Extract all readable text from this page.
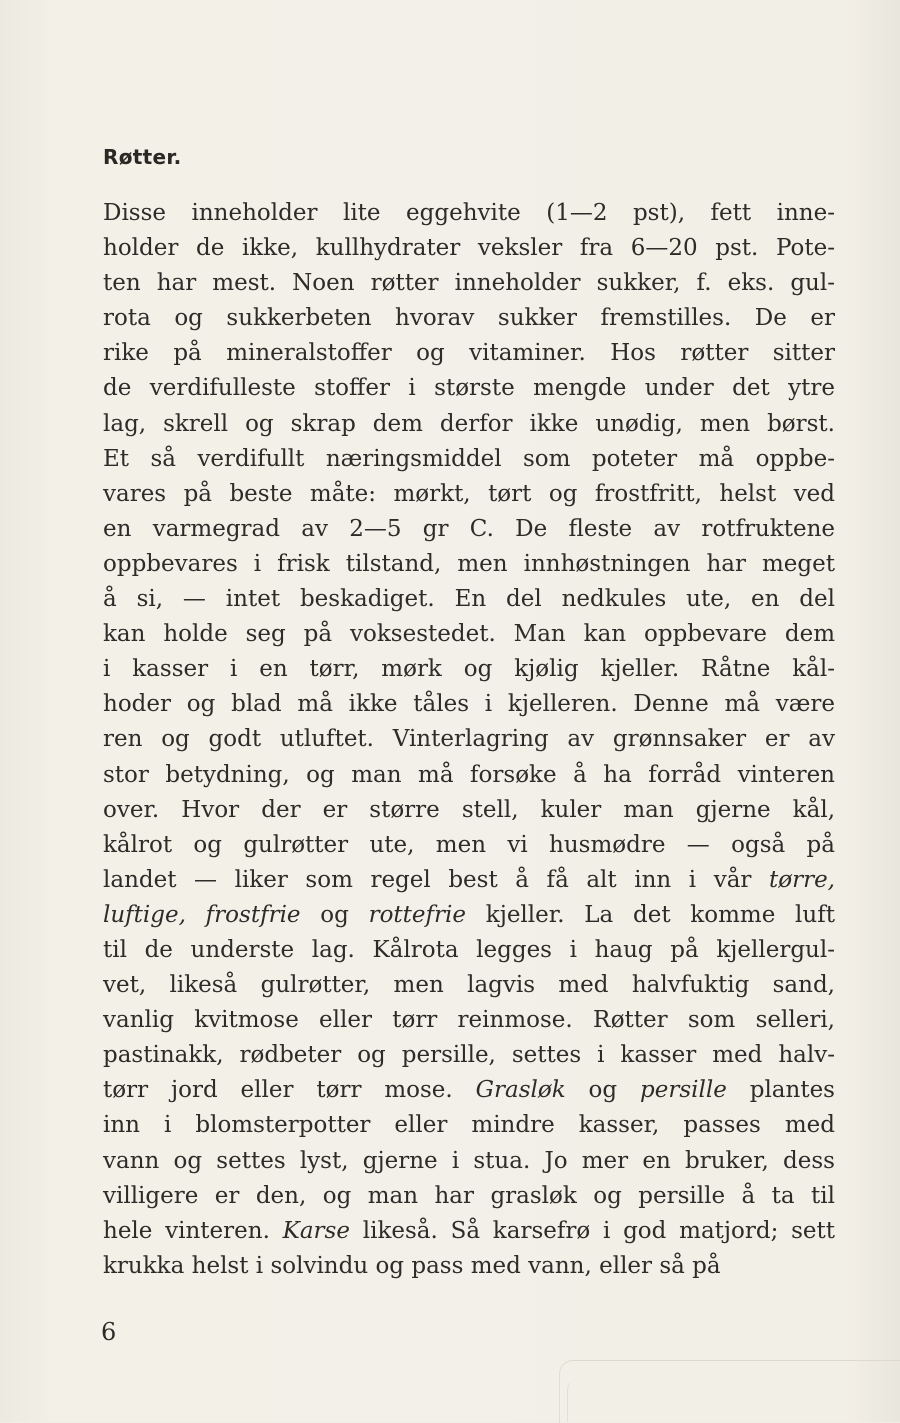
Røtter.
Disse inneholder lite eggehvite (1—2 pst), fett inne-
holder de ikke, kullhydrater veksler fra 6—20 pst. Pote-
ten har mest. Noen røtter inneholder sukker, f. eks. gul-
rota og sukkerbeten hvorav sukker fremstilles. De er
rike på mineralstoffer og vitaminer. Hos røtter sitter
de verdifulleste stoffer i største mengde under det ytre
lag, skrell og skrap dem derfor ikke unødig, men børst.
Et så verdifullt næringsmiddel som poteter må oppbe-
vares på beste måte: mørkt, tørt og frostfritt, helst ved
en varmegrad av 2—5 gr C. De fleste av rotfruktene
oppbevares i frisk tilstand, men innhøstningen har meget
å si, — intet beskadiget. En del nedkules ute, en del
kan holde seg på voksestedet. Man kan oppbevare dem
i kasser i en tørr, mørk og kjølig kjeller. Råtne kål-
hoder og blad må ikke tåles i kjelleren. Denne må være
ren og godt utluftet. Vinterlagring av grønnsaker er av
stor betydning, og man må forsøke å ha forråd vinteren
over. Hvor der er større stell, kuler man gjerne kål,
kålrot og gulrøtter ute, men vi husmødre — også på
landet — liker som regel best å få alt inn i vår tørre,
luftige, frostfrie og rottefrie kjeller. La det komme luft
til de underste lag. Kålrota legges i haug på kjellergul-
vet, likeså gulrøtter, men lagvis med halvfuktig sand,
vanlig kvitmose eller tørr reinmose. Røtter som selleri,
pastinakk, rødbeter og persille, settes i kasser med halv-
tørr jord eller tørr mose. Grasløk og persille plantes
inn i blomsterpotter eller mindre kasser, passes med
vann og settes lyst, gjerne i stua. Jo mer en bruker, dess
villigere er den, og man har grasløk og persille å ta til
hele vinteren. Karse likeså. Så karsefrø i god matjord; sett
krukka helst i solvindu og pass med vann, eller så på
6
